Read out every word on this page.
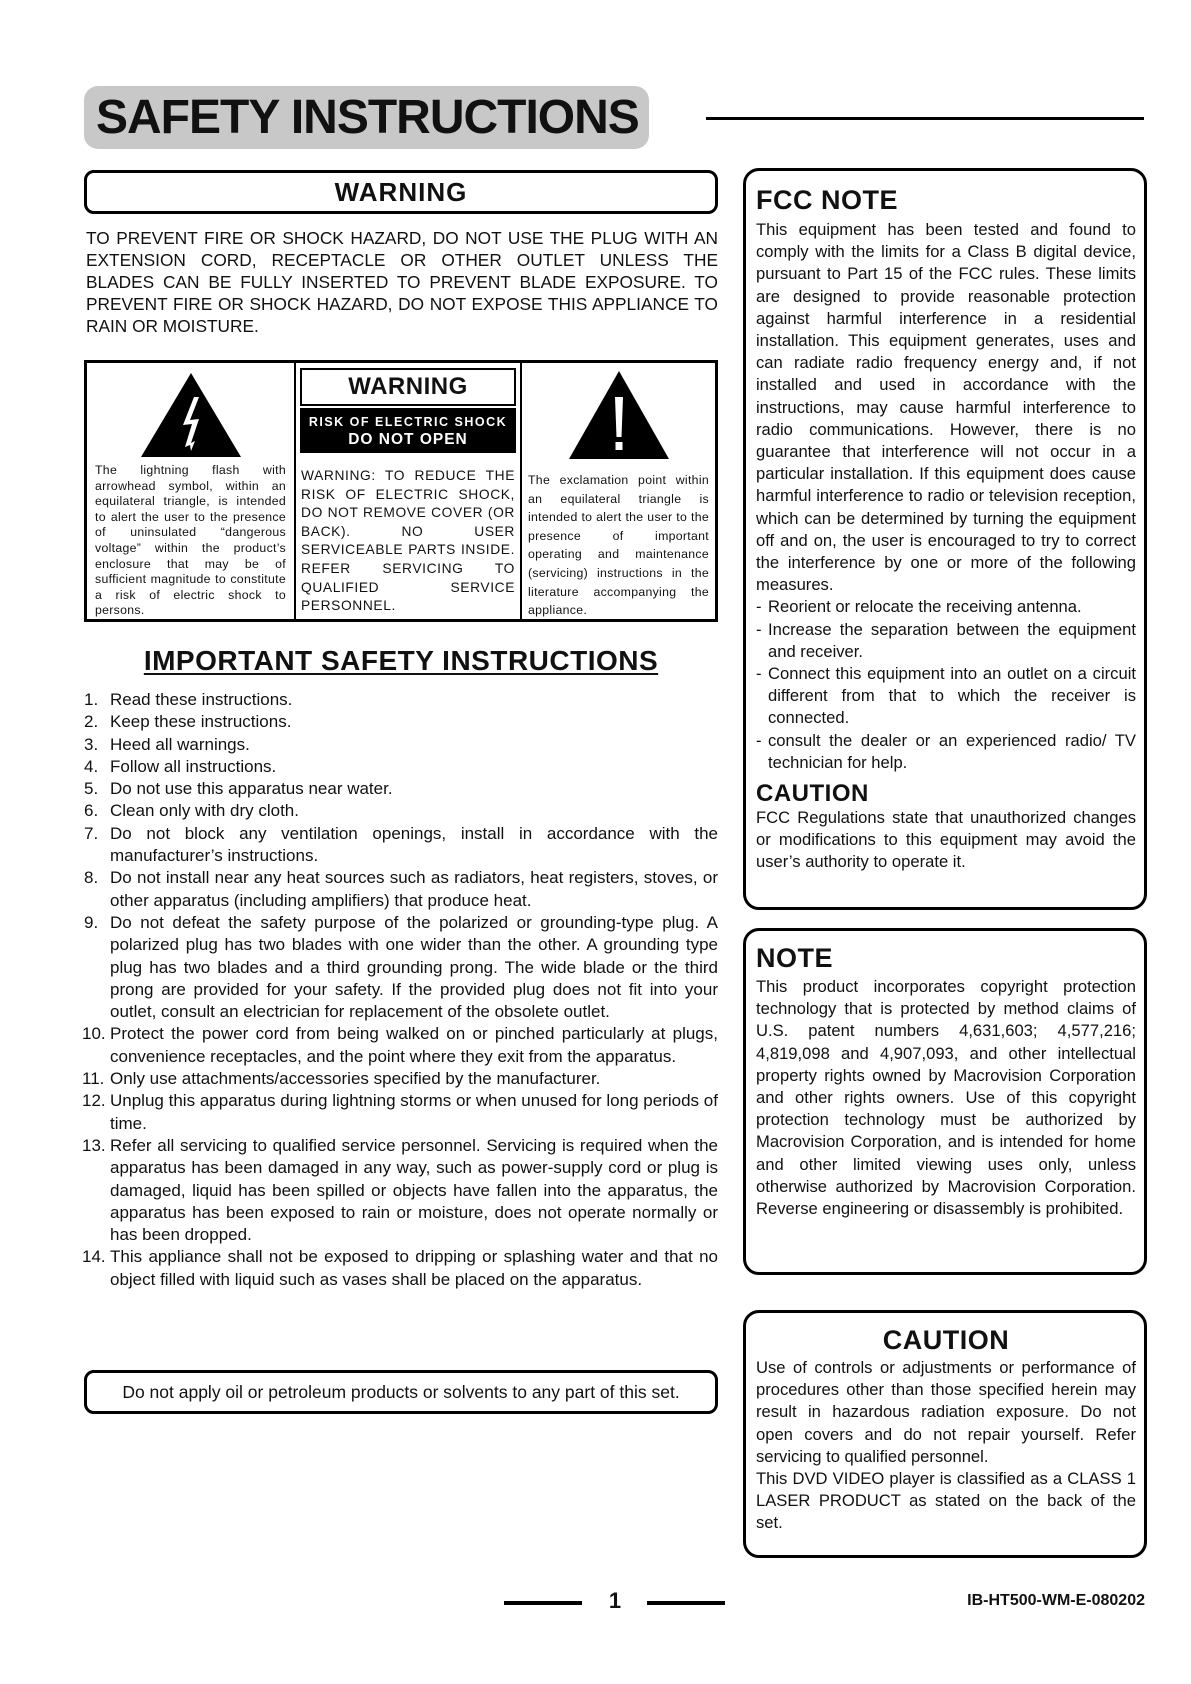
SAFETY INSTRUCTIONS
WARNING
TO PREVENT FIRE OR SHOCK HAZARD, DO NOT USE THE PLUG WITH AN EXTENSION CORD, RECEPTACLE OR OTHER OUTLET UNLESS THE BLADES CAN BE FULLY INSERTED TO PREVENT BLADE EXPOSURE. TO PREVENT FIRE OR SHOCK HAZARD, DO NOT EXPOSE THIS APPLIANCE TO RAIN OR MOISTURE.
The lightning flash with arrowhead symbol, within an equilateral triangle, is intended to alert the user to the presence of uninsulated “dangerous voltage” within the product’s enclosure that may be of sufficient magnitude to constitute a risk of electric shock to persons.
WARNING
RISK OF ELECTRIC SHOCK
DO NOT OPEN
WARNING: TO REDUCE THE RISK OF ELECTRIC SHOCK, DO NOT REMOVE COVER (OR BACK). NO USER SERVICEABLE PARTS INSIDE. REFER SERVICING TO QUALIFIED SERVICE PERSONNEL.
The exclamation point within an equilateral triangle is intended to alert the user to the presence of important operating and maintenance (servicing) instructions in the literature accompanying the appliance.
IMPORTANT SAFETY INSTRUCTIONS
1. Read these instructions.
2. Keep these instructions.
3. Heed all warnings.
4. Follow all instructions.
5. Do not use this apparatus near water.
6. Clean only with dry cloth.
7. Do not block any ventilation openings, install in accordance with the manufacturer’s instructions.
8. Do not install near any heat sources such as radiators, heat registers, stoves, or other apparatus (including amplifiers) that produce heat.
9. Do not defeat the safety purpose of the polarized or grounding-type plug. A polarized plug has two blades with one wider than the other. A grounding type plug has two blades and a third grounding prong. The wide blade or the third prong are provided for your safety. If the provided plug does not fit into your outlet, consult an electrician for replacement of the obsolete outlet.
10. Protect the power cord from being walked on or pinched particularly at plugs, convenience receptacles, and the point where they exit from the apparatus.
11. Only use attachments/accessories specified by the manufacturer.
12. Unplug this apparatus during lightning storms or when unused for long periods of time.
13. Refer all servicing to qualified service personnel. Servicing is required when the apparatus has been damaged in any way, such as power-supply cord or plug is damaged, liquid has been spilled or objects have fallen into the apparatus, the apparatus has been exposed to rain or moisture, does not operate normally or has been dropped.
14. This appliance shall not be exposed to dripping or splashing water and that no object filled with liquid such as vases shall be placed on the apparatus.
Do not apply oil or petroleum products or solvents to any part of this set.
FCC NOTE

This equipment has been tested and found to comply with the limits for a Class B digital device, pursuant to Part 15 of the FCC rules. These limits are designed to provide reasonable protection against harmful interference in a residential installation. This equipment generates, uses and can radiate radio frequency energy and, if not installed and used in accordance with the instructions, may cause harmful interference to radio communications. However, there is no guarantee that interference will not occur in a particular installation. If this equipment does cause harmful interference to radio or television reception, which can be determined by turning the equipment off and on, the user is encouraged to try to correct the interference by one or more of the following measures.

- Reorient or relocate the receiving antenna.
- Increase the separation between the equipment and receiver.
- Connect this equipment into an outlet on a circuit different from that to which the receiver is connected.
- consult the dealer or an experienced radio/ TV technician for help.
CAUTION

FCC Regulations state that unauthorized changes or modifications to this equipment may avoid the user’s authority to operate it.

NOTE

This product incorporates copyright protection technology that is protected by method claims of U.S. patent numbers 4,631,603; 4,577,216; 4,819,098 and 4,907,093, and other intellectual property rights owned by Macrovision Corporation and other rights owners. Use of this copyright protection technology must be authorized by Macrovision Corporation, and is intended for home and other limited viewing uses only, unless otherwise authorized by Macrovision Corporation. Reverse engineering or disassembly is prohibited.

CAUTION

Use of controls or adjustments or performance of procedures other than those specified herein may result in hazardous radiation exposure. Do not open covers and do not repair yourself. Refer servicing to qualified personnel.

This DVD VIDEO player is classified as a CLASS 1 LASER PRODUCT as stated on the back of the set.

1	IB-HT500-WM-E-080202
